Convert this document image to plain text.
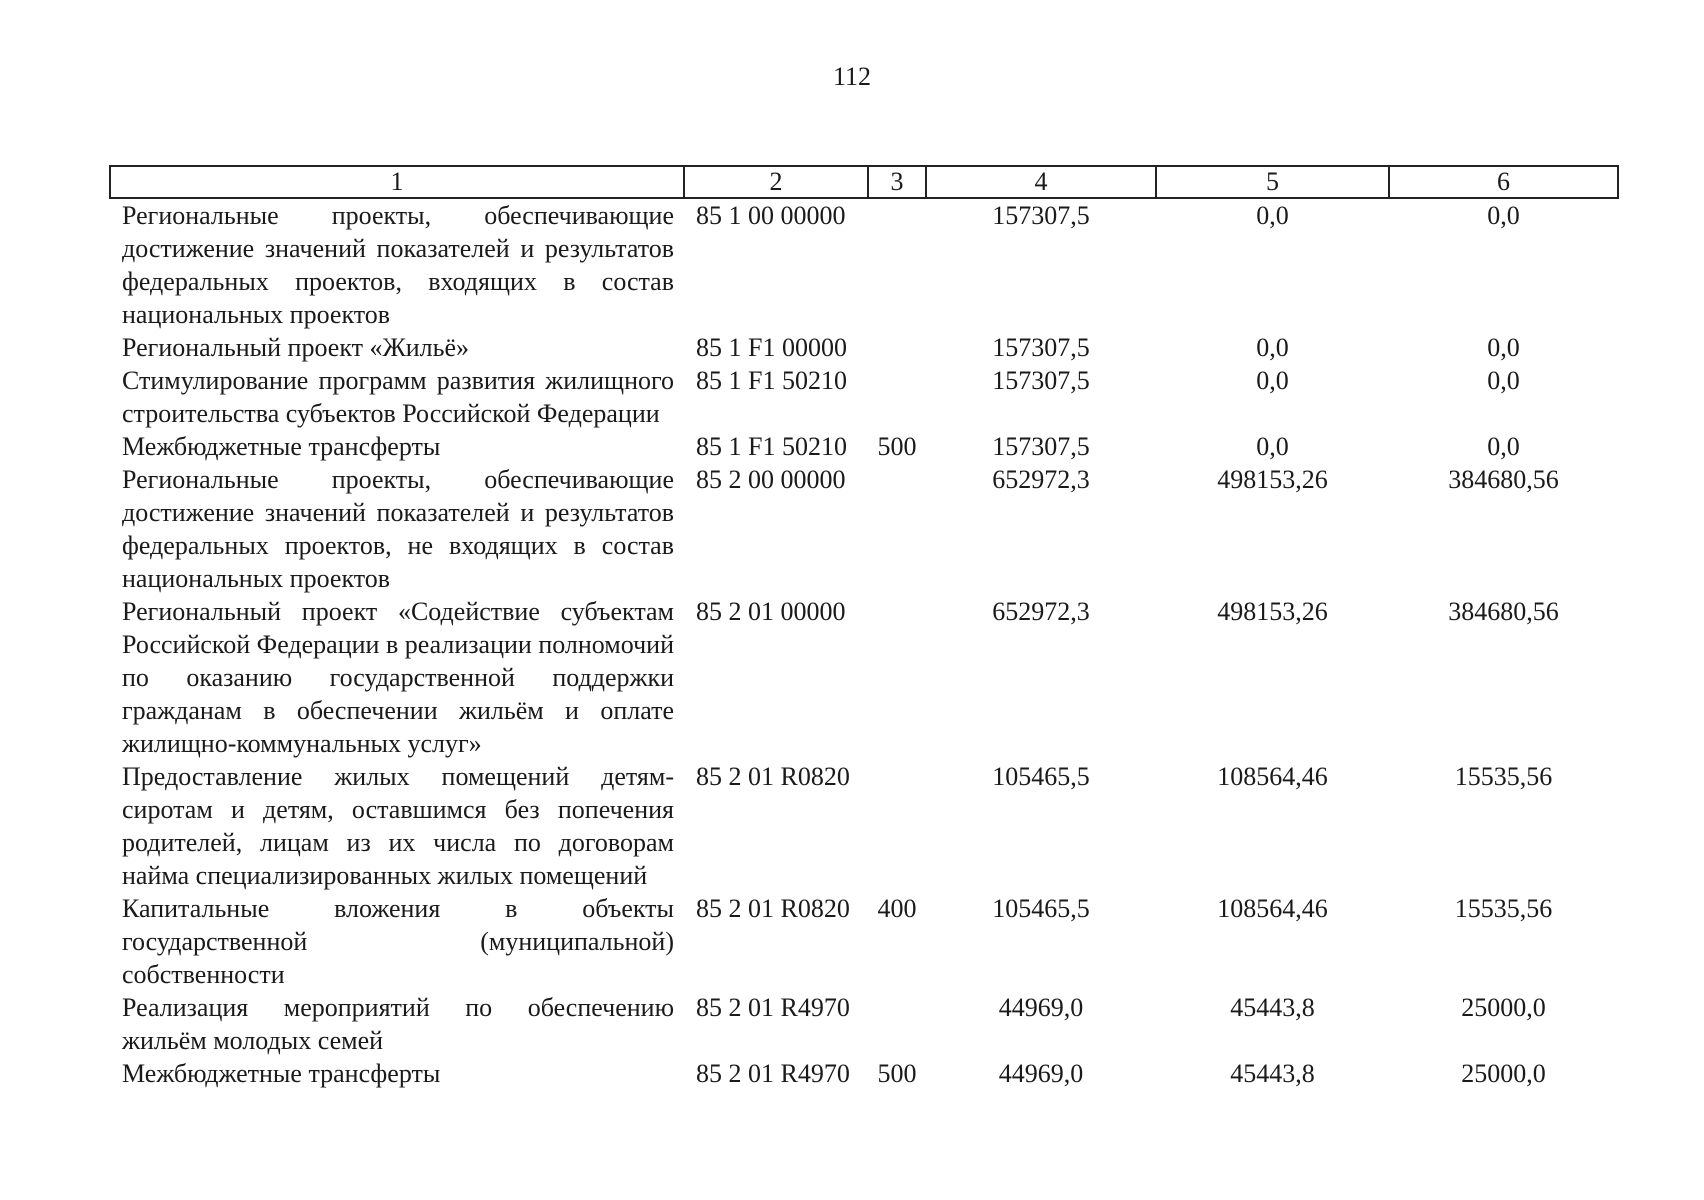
112
1	2	3	4	5	6
Региональные проекты, обеспечивающие достижение значений показателей и результатов федеральных проектов, входящих в состав национальных проектов	85 1 00 00000		157307,5	0,0	0,0
Региональный проект «Жильё»	85 1 F1 00000		157307,5	0,0	0,0
Стимулирование программ развития жилищного строительства субъектов Российской Федерации	85 1 F1 50210		157307,5	0,0	0,0
Межбюджетные трансферты	85 1 F1 50210	500	157307,5	0,0	0,0
Региональные проекты, обеспечивающие достижение значений показателей и результатов федеральных проектов, не входящих в состав национальных проектов	85 2 00 00000		652972,3	498153,26	384680,56
Региональный проект «Содействие субъектам Российской Федерации в реализации полномочий по оказанию государственной поддержки гражданам в обеспечении жильём и оплате жилищно-коммунальных услуг»	85 2 01 00000		652972,3	498153,26	384680,56
Предоставление жилых помещений детям-сиротам и детям, оставшимся без попечения родителей, лицам из их числа по договорам найма специализированных жилых помещений	85 2 01 R0820		105465,5	108564,46	15535,56
Капитальные вложения в объекты государственной (муниципальной) собственности	85 2 01 R0820	400	105465,5	108564,46	15535,56
Реализация мероприятий по обеспечению жильём молодых семей	85 2 01 R4970		44969,0	45443,8	25000,0
Межбюджетные трансферты	85 2 01 R4970	500	44969,0	45443,8	25000,0
